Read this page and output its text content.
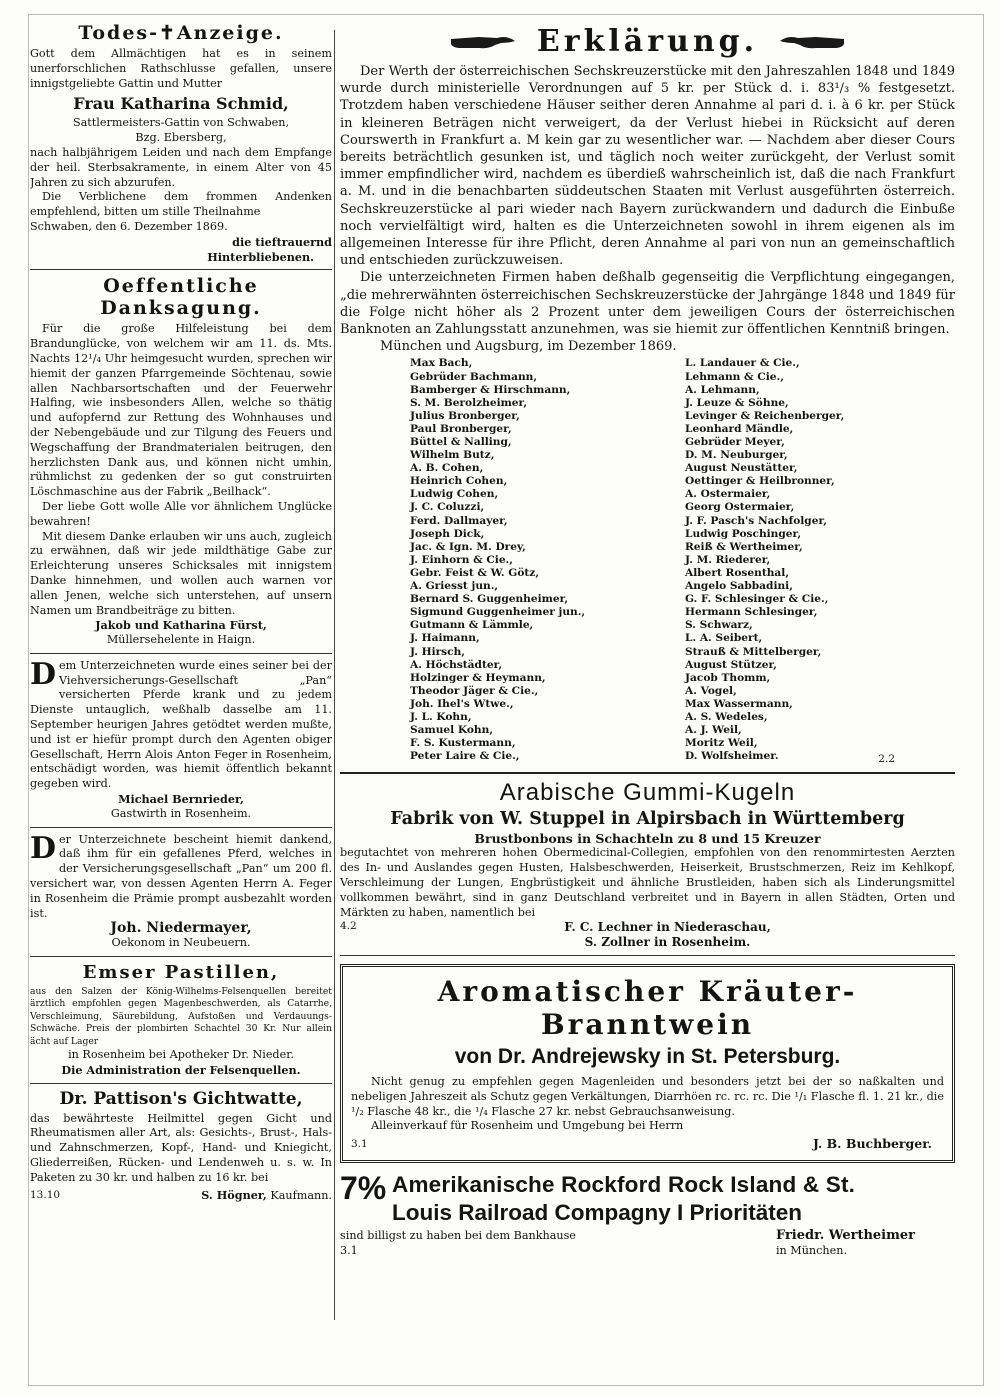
Todes-✝Anzeige.

Gott dem Allmächtigen hat es in seinem unerforschlichen Rathschlusse gefallen, unsere innigstgeliebte Gattin und Mutter

Frau Katharina Schmid,

Sattlermeisters-Gattin von Schwaben,

Bzg. Ebersberg,

nach halbjährigem Leiden und nach dem Empfange der heil. Sterbsakramente, in einem Alter von 45 Jahren zu sich abzurufen.

Die Verblichene dem frommen Andenken empfehlend, bitten um stille Theilnahme

Schwaben, den 6. Dezember 1869.

die tieftrauernd

Hinterbliebenen.

Oeffentliche Danksagung.

Für die große Hilfeleistung bei dem Brandunglücke, von welchem wir am 11. ds. Mts. Nachts 12¹/₄ Uhr heimgesucht wurden, sprechen wir hiemit der ganzen Pfarrgemeinde Söchtenau, sowie allen Nachbarsortschaften und der Feuerwehr Halfing, wie insbesonders Allen, welche so thätig und aufopfernd zur Rettung des Wohnhauses und der Nebengebäude und zur Tilgung des Feuers und Wegschaffung der Brandmaterialen beitrugen, den herzlichsten Dank aus, und können nicht umhin, rühmlichst zu gedenken der so gut construirten Löschmaschine aus der Fabrik „Beilhack“.

Der liebe Gott wolle Alle vor ähnlichem Unglücke bewahren!

Mit diesem Danke erlauben wir uns auch, zugleich zu erwähnen, daß wir jede mildthätige Gabe zur Erleichterung unseres Schicksales mit innigstem Danke hinnehmen, und wollen auch warnen vor allen Jenen, welche sich unterstehen, auf unsern Namen um Brandbeiträge zu bitten.

Jakob und Katharina Fürst,

Müllersehelente in Haign.

Dem Unterzeichneten wurde eines seiner bei der Viehversicherungs-Gesellschaft „Pan“ versicherten Pferde krank und zu jedem Dienste untauglich, weßhalb dasselbe am 11. September heurigen Jahres getödtet werden mußte, und ist er hiefür prompt durch den Agenten obiger Gesellschaft, Herrn Alois Anton Feger in Rosenheim, entschädigt worden, was hiemit öffentlich bekannt gegeben wird.

Michael Bernrieder,

Gastwirth in Rosenheim.

Der Unterzeichnete bescheint hiemit dankend, daß ihm für ein gefallenes Pferd, welches in der Versicherungsgesellschaft „Pan“ um 200 fl. versichert war, von dessen Agenten Herrn A. Feger in Rosenheim die Prämie prompt ausbezahlt worden ist.

Joh. Niedermayer,

Oekonom in Neubeuern.

Emser Pastillen,

aus den Salzen der König-Wilhelms-Felsenquellen bereitet ärztlich empfohlen gegen Magenbeschwerden, als Catarrhe, Verschleimung, Säurebildung, Aufstoßen und Verdauungs-Schwäche. Preis der plombirten Schachtel 30 Kr. Nur allein ächt auf Lager

in Rosenheim bei Apotheker Dr. Nieder.

Die Administration der Felsenquellen.

Dr. Pattison's Gichtwatte,

das bewährteste Heilmittel gegen Gicht und Rheumatismen aller Art, als: Gesichts-, Brust-, Hals- und Zahnschmerzen, Kopf-, Hand- und Kniegicht, Gliederreißen, Rücken- und Lendenweh u. s. w. In Paketen zu 30 kr. und halben zu 16 kr. bei

13.10	S. Högner, Kaufmann.

Erklärung.

Der Werth der österreichischen Sechskreuzerstücke mit den Jahreszahlen 1848 und 1849 wurde durch ministerielle Verordnungen auf 5 kr. per Stück d. i. 83¹/₃ % festgesetzt. Trotzdem haben verschiedene Häuser seither deren Annahme al pari d. i. à 6 kr. per Stück in kleineren Beträgen nicht verweigert, da der Verlust hiebei in Rücksicht auf deren Courswerth in Frankfurt a. M kein gar zu wesentlicher war. — Nachdem aber dieser Cours bereits beträchtlich gesunken ist, und täglich noch weiter zurückgeht, der Verlust somit immer empfindlicher wird, nachdem es überdieß wahrscheinlich ist, daß die nach Frankfurt a. M. und in die benachbarten süddeutschen Staaten mit Verlust ausgeführten österreich. Sechskreuzerstücke al pari wieder nach Bayern zurückwandern und dadurch die Einbuße noch vervielfältigt wird, halten es die Unterzeichneten sowohl in ihrem eigenen als im allgemeinen Interesse für ihre Pflicht, deren Annahme al pari von nun an gemeinschaftlich und entschieden zurückzuweisen.

Die unterzeichneten Firmen haben deßhalb gegenseitig die Verpflichtung eingegangen, „die mehrerwähnten österreichischen Sechskreuzerstücke der Jahrgänge 1848 und 1849 für die Folge nicht höher als 2 Prozent unter dem jeweiligen Cours der österreichischen Banknoten an Zahlungsstatt anzunehmen, was sie hiemit zur öffentlichen Kenntniß bringen.

München und Augsburg, im Dezember 1869.

Max Bach,
Gebrüder Bachmann,
Bamberger & Hirschmann,
S. M. Berolzheimer,
Julius Bronberger,
Paul Bronberger,
Büttel & Nalling,
Wilhelm Butz,
A. B. Cohen,
Heinrich Cohen,
Ludwig Cohen,
J. C. Coluzzi,
Ferd. Dallmayer,
Joseph Dick,
Jac. & Ign. M. Drey,
J. Einhorn & Cie.,
Gebr. Feist & W. Götz,
A. Griesst jun.,
Bernard S. Guggenheimer,
Sigmund Guggenheimer jun.,
Gutmann & Lämmle,
J. Haimann,
J. Hirsch,
A. Höchstädter,
Holzinger & Heymann,
Theodor Jäger & Cie.,
Joh. Ihel's Wtwe.,
J. L. Kohn,
Samuel Kohn,
F. S. Kustermann,
Peter Laire & Cie.,
L. Landauer & Cie.,
Lehmann & Cie.,
A. Lehmann,
J. Leuze & Söhne,
Levinger & Reichenberger,
Leonhard Mändle,
Gebrüder Meyer,
D. M. Neuburger,
August Neustätter,
Oettinger & Heilbronner,
A. Ostermaier,
Georg Ostermaier,
J. F. Pasch's Nachfolger,
Ludwig Poschinger,
Reiß & Wertheimer,
J. M. Riederer,
Albert Rosenthal,
Angelo Sabbadini,
G. F. Schlesinger & Cie.,
Hermann Schlesinger,
S. Schwarz,
L. A. Seibert,
Strauß & Mittelberger,
August Stützer,
Jacob Thomm,
A. Vogel,
Max Wassermann,
A. S. Wedeles,
A. J. Weil,
Moritz Weil,
D. Wolfsheimer.	2.2
Arabische Gummi-Kugeln
Fabrik von W. Stuppel in Alpirsbach in Württemberg
Brustbonbons in Schachteln zu 8 und 15 Kreuzer

begutachtet von mehreren hohen Obermedicinal-Collegien, empfohlen von den renommirtesten Aerzten des In- und Auslandes gegen Husten, Halsbeschwerden, Heiserkeit, Brustschmerzen, Reiz im Kehlkopf, Verschleimung der Lungen, Engbrüstigkeit und ähnliche Brustleiden, haben sich als Linderungsmittel vollkommen bewährt, sind in ganz Deutschland verbreitet und in Bayern in allen Städten, Orten und Märkten zu haben, namentlich bei

4.2	F. C. Lechner in Niederaschau,

S. Zollner in Rosenheim.

Aromatischer Kräuter-Branntwein
von Dr. Andrejewsky in St. Petersburg.

Nicht genug zu empfehlen gegen Magenleiden und besonders jetzt bei der so naßkalten und nebeligen Jahreszeit als Schutz gegen Verkältungen, Diarrhöen rc. rc. rc. Die ¹/₁ Flasche fl. 1. 21 kr., die ¹/₂ Flasche 48 kr., die ¹/₄ Flasche 27 kr. nebst Gebrauchsanweisung.

Alleinverkauf für Rosenheim und Umgebung bei Herrn

3.1	J. B. Buchberger.

7% Amerikanische Rockford Rock Island & St.
Louis Railroad Compagny I Prioritäten

sind billigst zu haben bei dem Bankhause

3.1

Friedr. Wertheimer

in München.
